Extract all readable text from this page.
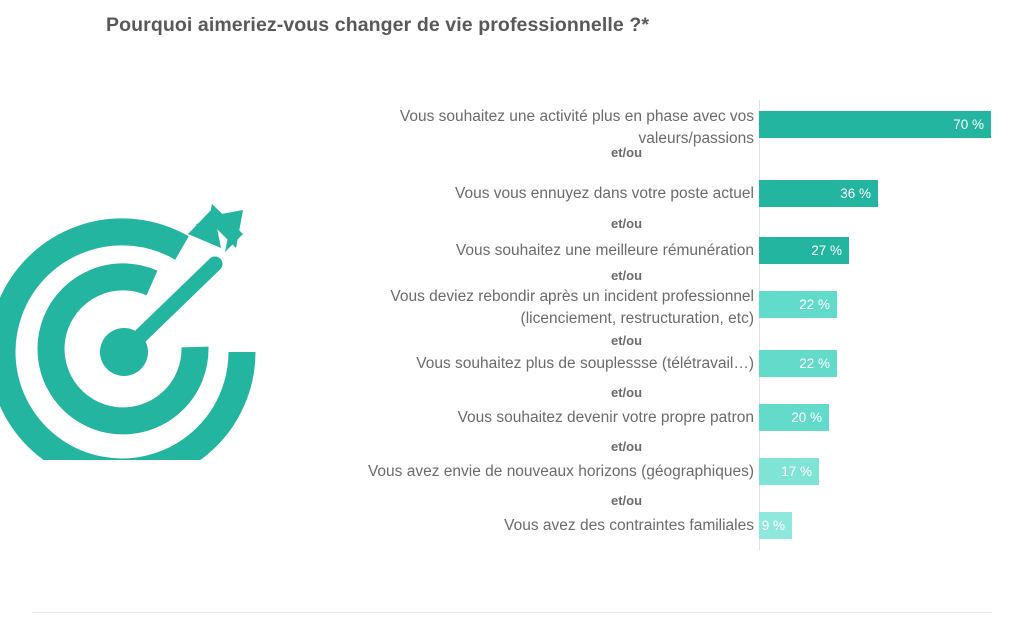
Pourquoi aimeriez-vous changer de vie professionnelle ?*
Vous souhaitez une activité plus en phase avec vos
valeurs/passions
70 %
et/ou
Vous vous ennuyez dans votre poste actuel	36 %
et/ou
Vous souhaitez une meilleure rémunération	27 %
et/ou
Vous deviez rebondir après un incident professionnel
(licenciement, restructuration, etc)
22 %
et/ou
Vous souhaitez plus de souplessse (télétravail…)	22 %
et/ou
Vous souhaitez devenir votre propre patron	20 %
et/ou
Vous avez envie de nouveaux horizons (géographiques) 17 %
et/ou
Vous avez des contraintes familiales 9 %
